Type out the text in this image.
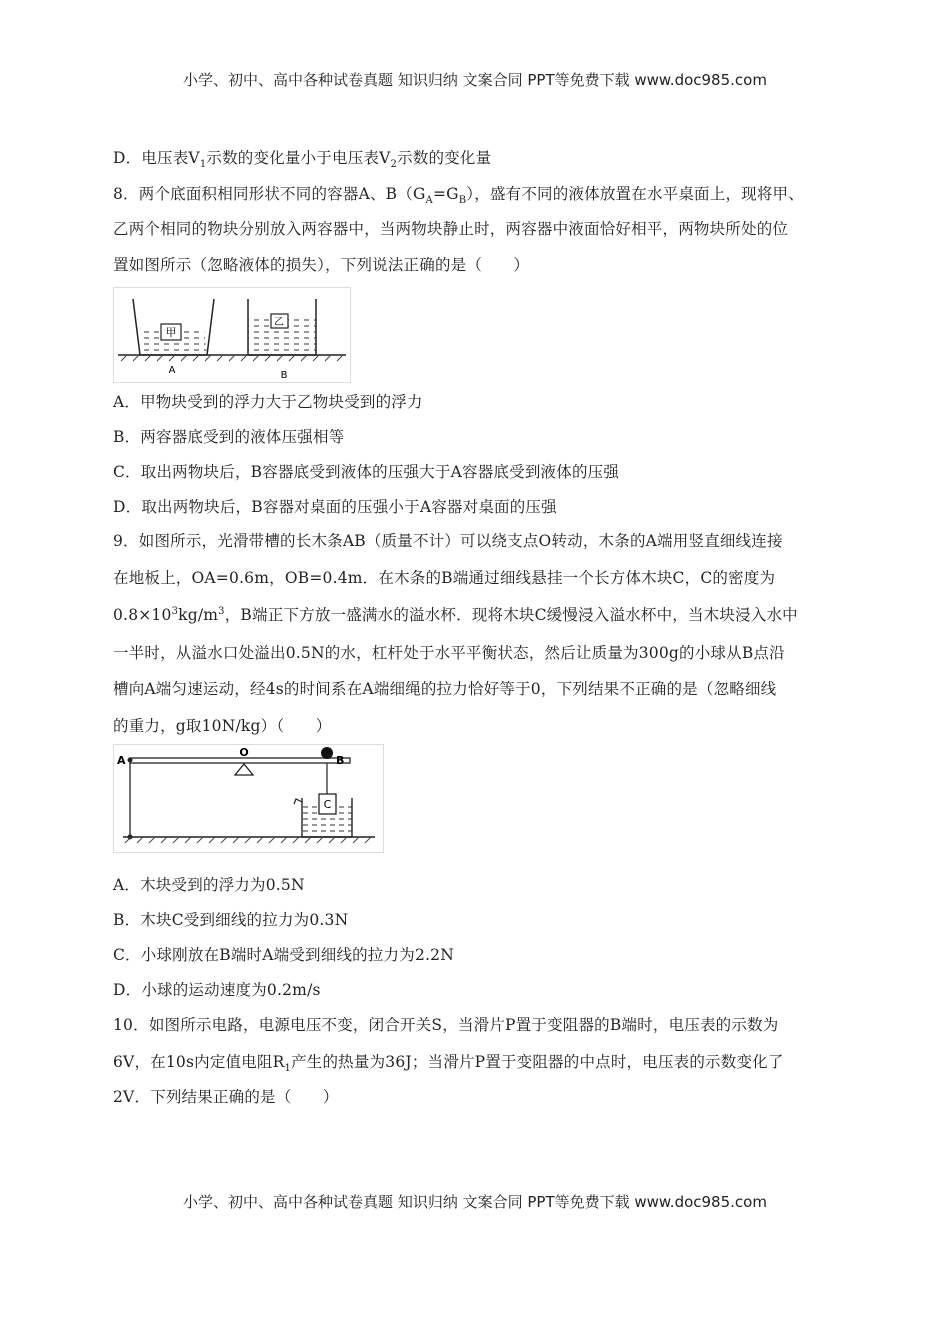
小学、初中、高中各种试卷真题 知识归纳 文案合同 PPT等免费下载 www.doc985.com
D．电压表$V_1$示数的变化量小于电压表$V_2$示数的变化量
8．两个底面积相同形状不同的容器A、$B(G_A=G_B)$，盛有不同的液体放置在水平桌面上，现将甲、
乙两个相同的物块分别放入两容器中，当两物块静止时，两容器中液面恰好相平，两物块所处的位
置如图所示（忽略液体的损失），下列说法正确的是（　　）
甲
乙
A	B
A．甲物块受到的浮力大于乙物块受到的浮力
B．两容器底受到的液体压强相等
C．取出两物块后，B容器底受到液体的压强大于A容器底受到液体的压强
D．取出两物块后，B容器对桌面的压强小于A容器对桌面的压强
9．如图所示，光滑带槽的长木条AB（质量不计）可以绕支点O转动，木条的A端用竖直细线连接
在地板上，OA=0.6m，OB=0.4m．在木条的B端通过细线悬挂一个长方体木块C，C的密度为
$0.8\times 10^3kg/m^3$，B端正下方放一盛满水的溢水杯．现将木块C缓慢浸入溢水杯中，当木块浸入水中
一半时，从溢水口处溢出0.5N的水，杠杆处于水平平衡状态，然后让质量为300g的小球从B点沿
槽向A端匀速运动，经4s的时间系在A端细绳的拉力恰好等于0，下列结果不正确的是（忽略细线
的重力，g取10N/kg）（　　）
A
O
B
C
A．木块受到的浮力为0.5N
B．木块C受到细线的拉力为0.3N
C．小球刚放在B端时A端受到细线的拉力为2.2N
D．小球的运动速度为0.2m/s
10．如图所示电路，电源电压不变，闭合开关S，当滑片P置于变阻器的B端时，电压表的示数为
6V，在10s内定值电阻$R_1$产生的热量为36J；当滑片P置于变阻器的中点时，电压表的示数变化了
2V．下列结果正确的是（　　）
小学、初中、高中各种试卷真题 知识归纳 文案合同 PPT等免费下载 www.doc985.com
